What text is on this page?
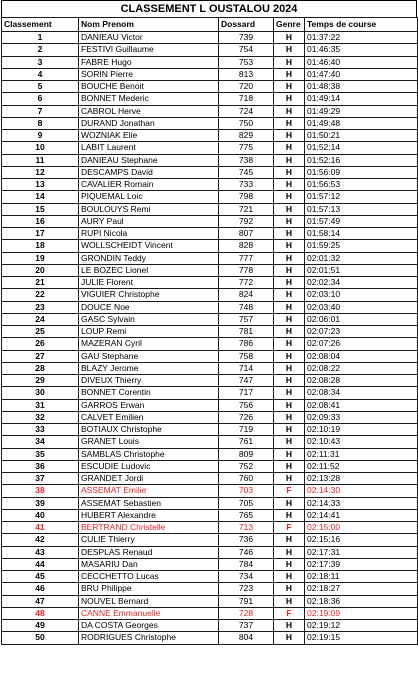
CLASSEMENT L OUSTALOU 2024
Classement	Nom Prenom	Dossard	Genre	Temps de course
1	DANIEAU Victor	739	H	01:37:22
2	FESTIVI Guillaume	754	H	01:46:35
3	FABRE Hugo	753	H	01:46:40
4	SORIN Pierre	813	H	01:47:40
5	BOUCHE Benoit	720	H	01:48:38
6	BONNET Mederic	718	H	01:49:14
7	CABROL Herve	724	H	01:49:29
8	DURAND Jonathan	750	H	01:49:48
9	WOZNIAK Elie	829	H	01:50:21
10	LABIT Laurent	775	H	01:52:14
11	DANIEAU Stephane	738	H	01:52:16
12	DESCAMPS David	745	H	01:56:09
13	CAVALIER Romain	733	H	01:56:53
14	PIQUEMAL Loic	798	H	01:57:12
15	BOULOUYS Remi	721	H	01:57:13
16	AURY Paul	792	H	01:57:49
17	RUPI Nicola	807	H	01:58:14
18	WOLLSCHEIDT Vincent	828	H	01:59:25
19	GRONDIN Teddy	777	H	02:01:32
20	LE BOZEC Lionel	778	H	02:01:51
21	JULIE Florent	772	H	02:02:34
22	VIGUIER Christophe	824	H	02:03:10
23	DOUCE Noe	748	H	02:03:40
24	GASC Sylvain	757	H	02:06:01
25	LOUP Remi	781	H	02:07:23
26	MAZERAN Cyril	786	H	02:07:26
27	GAU Stephane	758	H	02:08:04
28	BLAZY Jerome	714	H	02:08:22
29	DIVEUX Thierry	747	H	02:08:28
30	BONNET Corentin	717	H	02:08:34
31	GARROS Erwan	756	H	02:08:41
32	CALVET Emilien	726	H	02:09:33
33	BOTIAUX Christophe	719	H	02:10:19
34	GRANET Louis	761	H	02:10:43
35	SAMBLAS Christophe	809	H	02:11:31
36	ESCUDIE Ludovic	752	H	02:11:52
37	GRANDET Jordi	760	H	02:13:28
38	ASSEMAT Emilie	703	F	02:14:30
39	ASSEMAT Sebastien	705	H	02:14:33
40	HUBERT Alexandre	765	H	02:14:41
41	BERTRAND Christelle	713	F	02:15:00
42	CULIE Thierry	736	H	02:15:16
43	DESPLAS Renaud	746	H	02:17:31
44	MASARIU Dan	784	H	02:17:39
45	CECCHETTO Lucas	734	H	02:18:11
46	BRU Philippe	723	H	02:18:27
47	NOUVEL Bernard	791	H	02:18:36
48	CANNE Emmanuelle	728	F	02:19:09
49	DA COSTA Georges	737	H	02:19:12
50	RODRIGUES Christophe	804	H	02:19:15
